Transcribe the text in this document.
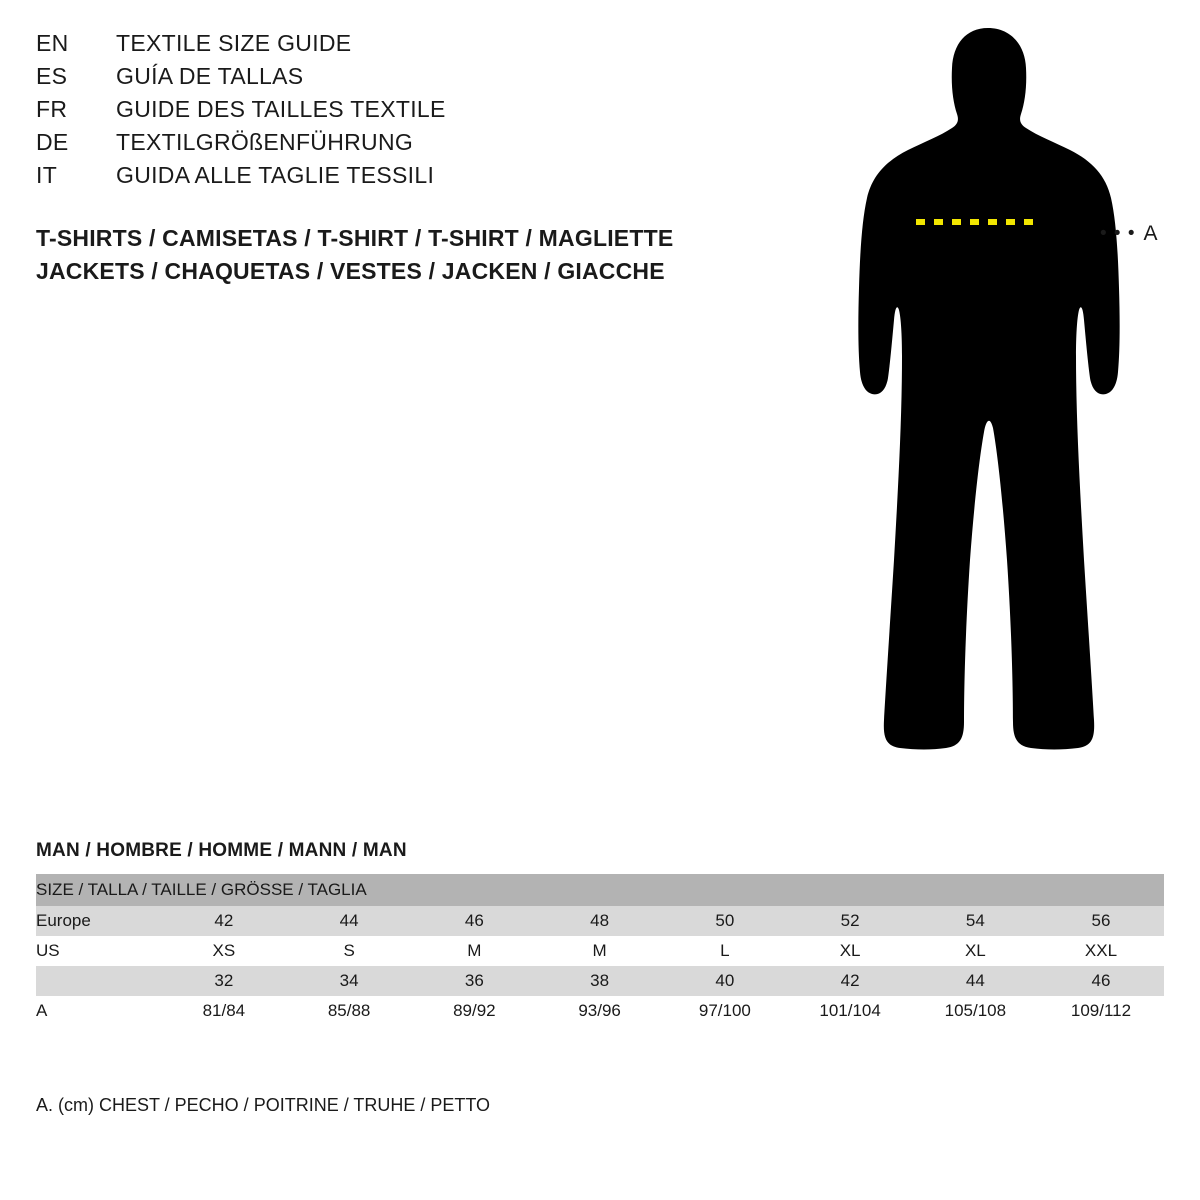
EN	TEXTILE SIZE GUIDE
ES	GUÍA DE TALLAS
FR	GUIDE DES TAILLES TEXTILE
DE	TEXTILGRÖßENFÜHRUNG
IT	GUIDA ALLE TAGLIE TESSILI
T-SHIRTS / CAMISETAS / T-SHIRT / T-SHIRT / MAGLIETTE
JACKETS / CHAQUETAS / VESTES / JACKEN / GIACCHE
• • • A
MAN / HOMBRE / HOMME / MANN / MAN
SIZE / TALLA / TAILLE / GRÖSSE / TAGLIA								
Europe	42	44	46	48	50	52	54	56
US	XS	S	M	M	L	XL	XL	XXL
	32	34	36	38	40	42	44	46
A	81/84	85/88	89/92	93/96	97/100	101/104	105/108	109/112
A. (cm) CHEST / PECHO / POITRINE / TRUHE / PETTO
